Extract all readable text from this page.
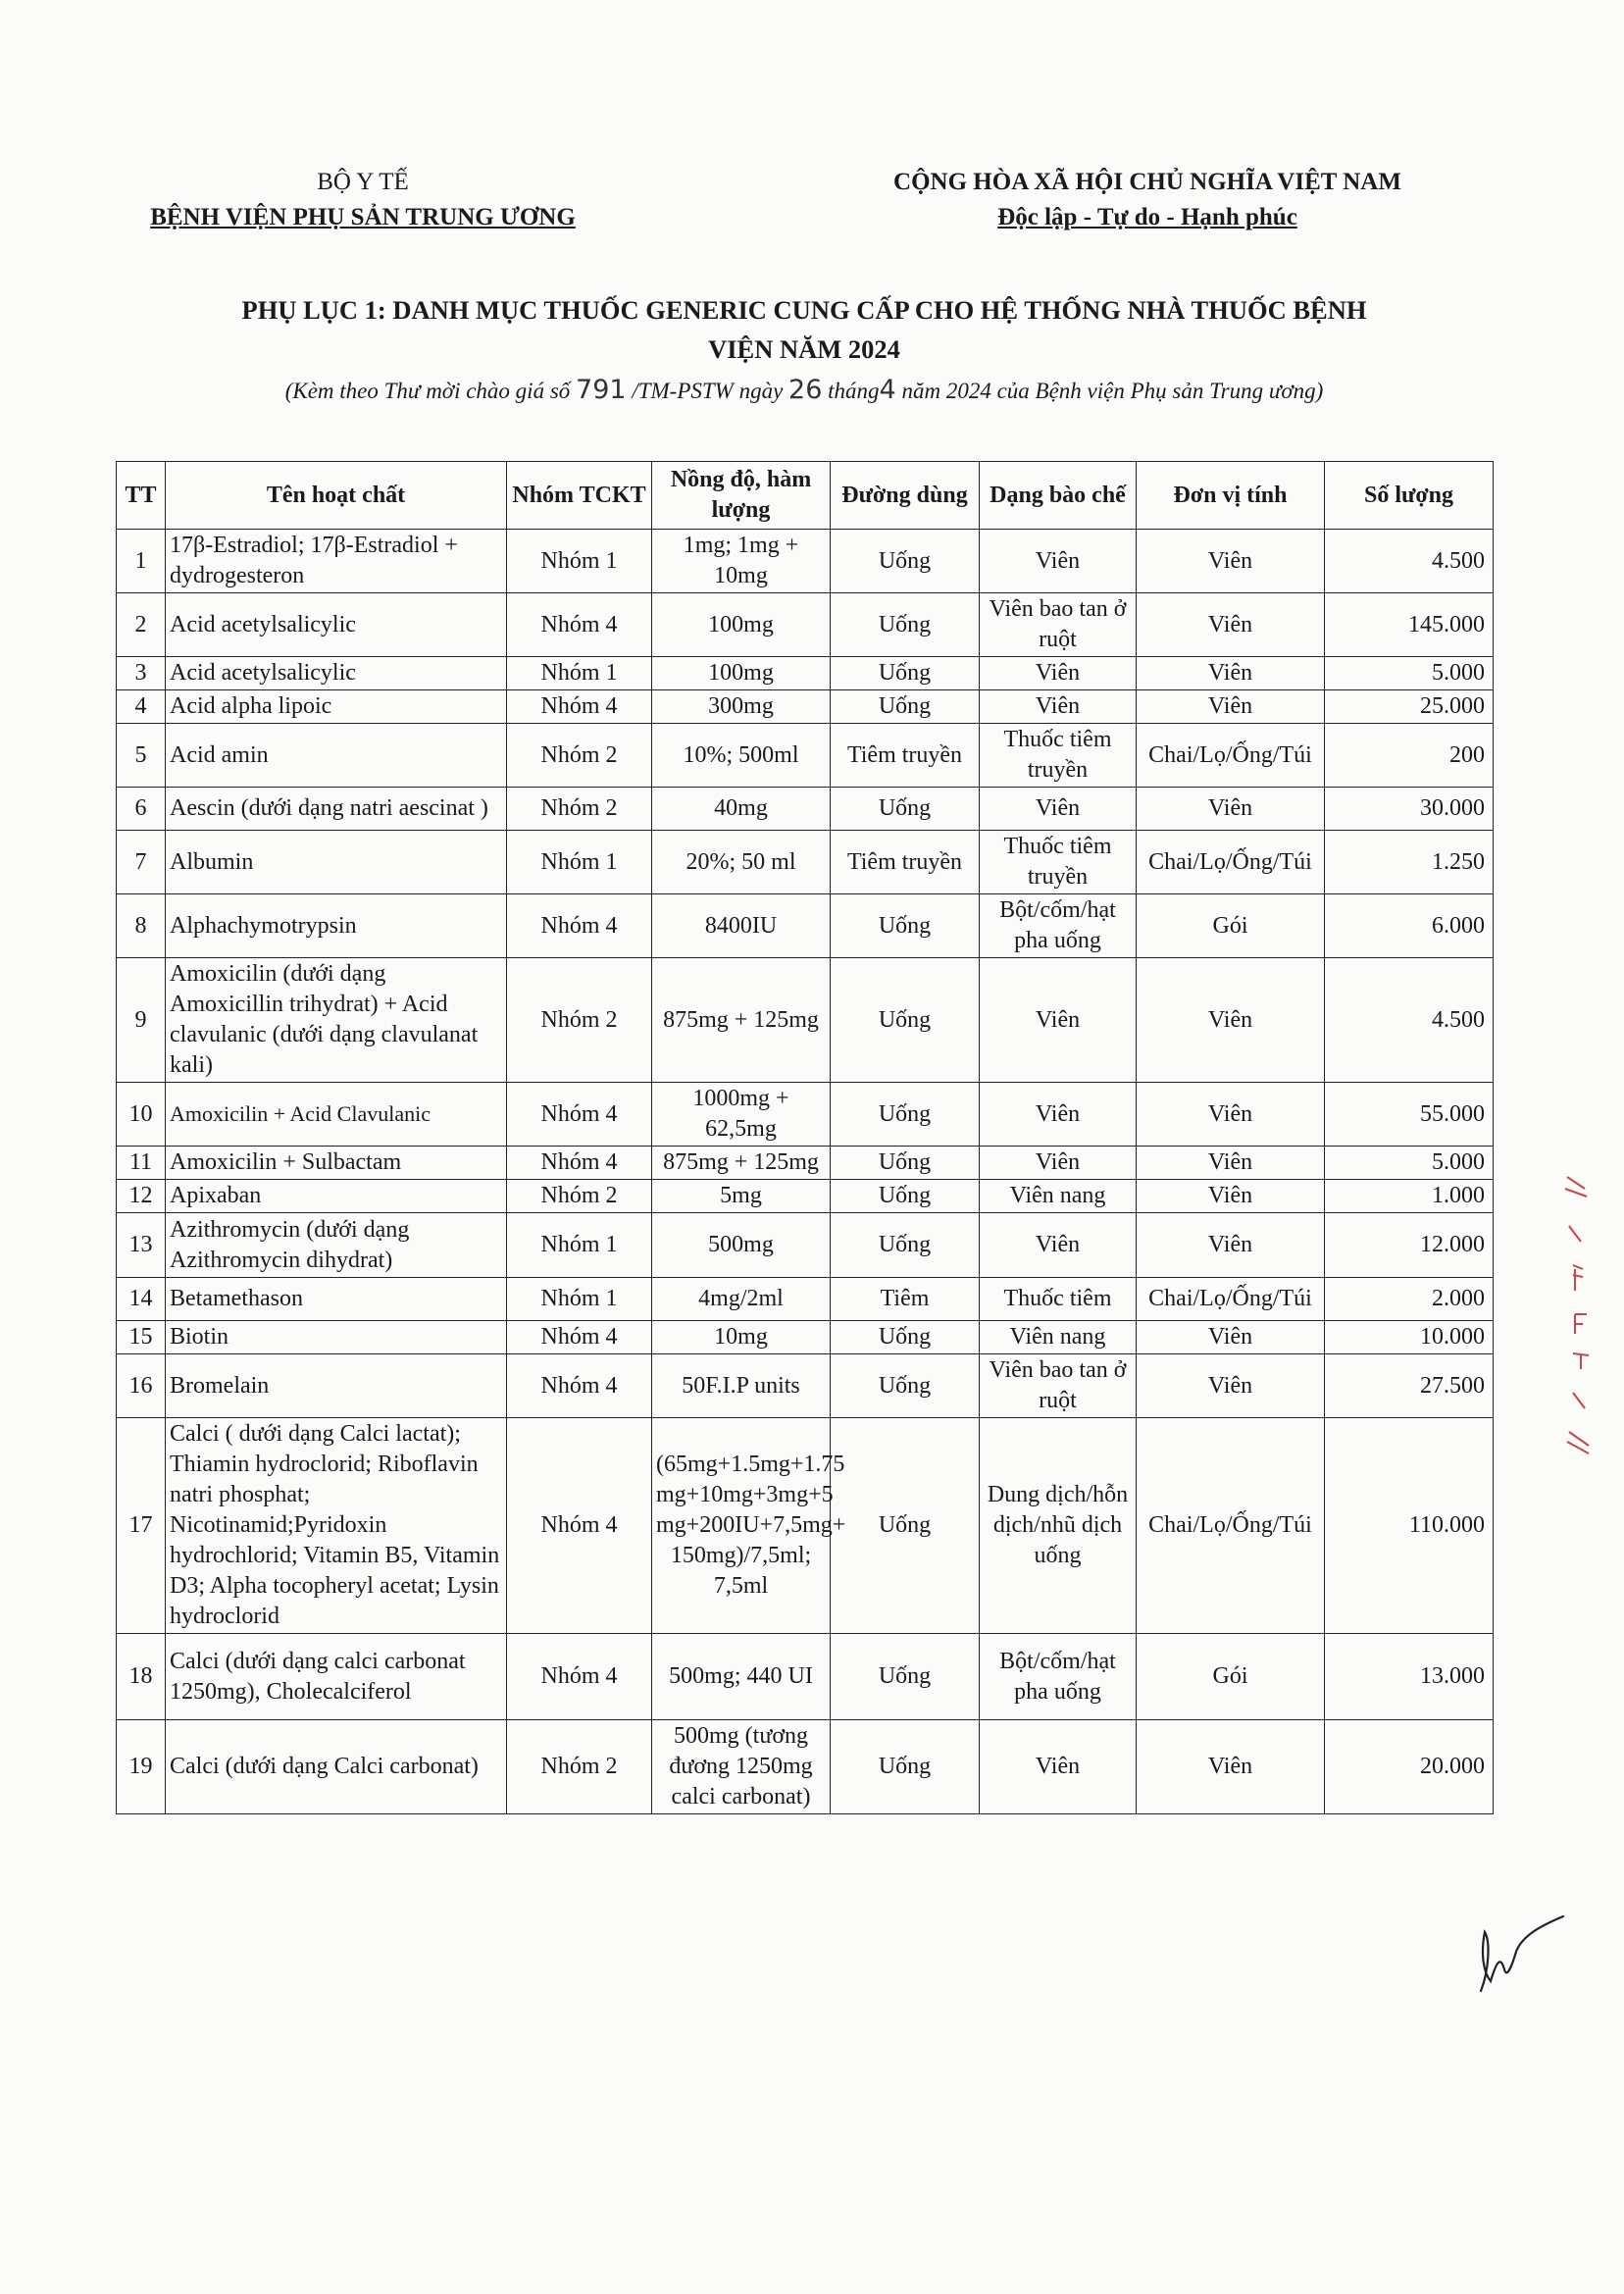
BỘ Y TẾ
BỆNH VIỆN PHỤ SẢN TRUNG ƯƠNG
CỘNG HÒA XÃ HỘI CHỦ NGHĨA VIỆT NAM
Độc lập - Tự do - Hạnh phúc
PHỤ LỤC 1: DANH MỤC THUỐC GENERIC CUNG CẤP CHO HỆ THỐNG NHÀ THUỐC BỆNH
VIỆN NĂM 2024
(Kèm theo Thư mời chào giá số 791 /TM-PSTW ngày 26 tháng4 năm 2024 của Bệnh viện Phụ sản Trung ương)
TT	Tên hoạt chất	Nhóm TCKT	Nồng độ, hàm lượng	Đường dùng	Dạng bào chế	Đơn vị tính	Số lượng
1	17β-Estradiol; 17β-Estradiol + dydrogesteron	Nhóm 1	1mg; 1mg + 10mg	Uống	Viên	Viên	4.500
2	Acid acetylsalicylic	Nhóm 4	100mg	Uống	Viên bao tan ở ruột	Viên	145.000
3	Acid acetylsalicylic	Nhóm 1	100mg	Uống	Viên	Viên	5.000
4	Acid alpha lipoic	Nhóm 4	300mg	Uống	Viên	Viên	25.000
5	Acid amin	Nhóm 2	10%; 500ml	Tiêm truyền	Thuốc tiêm truyền	Chai/Lọ/Ống/Túi	200
6	Aescin (dưới dạng natri aescinat )	Nhóm 2	40mg	Uống	Viên	Viên	30.000
7	Albumin	Nhóm 1	20%; 50 ml	Tiêm truyền	Thuốc tiêm truyền	Chai/Lọ/Ống/Túi	1.250
8	Alphachymotrypsin	Nhóm 4	8400IU	Uống	Bột/cốm/hạt pha uống	Gói	6.000
9	Amoxicilin (dưới dạng Amoxicillin trihydrat) + Acid clavulanic (dưới dạng clavulanat kali)	Nhóm 2	875mg + 125mg	Uống	Viên	Viên	4.500
10	Amoxicilin + Acid Clavulanic	Nhóm 4	1000mg + 62,5mg	Uống	Viên	Viên	55.000
11	Amoxicilin + Sulbactam	Nhóm 4	875mg + 125mg	Uống	Viên	Viên	5.000
12	Apixaban	Nhóm 2	5mg	Uống	Viên nang	Viên	1.000
13	Azithromycin (dưới dạng Azithromycin dihydrat)	Nhóm 1	500mg	Uống	Viên	Viên	12.000
14	Betamethason	Nhóm 1	4mg/2ml	Tiêm	Thuốc tiêm	Chai/Lọ/Ống/Túi	2.000
15	Biotin	Nhóm 4	10mg	Uống	Viên nang	Viên	10.000
16	Bromelain	Nhóm 4	50F.I.P units	Uống	Viên bao tan ở ruột	Viên	27.500
17	Calci ( dưới dạng Calci lactat); Thiamin hydroclorid; Riboflavin natri phosphat; Nicotinamid;Pyridoxin hydrochlorid; Vitamin B5, Vitamin D3; Alpha tocopheryl acetat; Lysin hydroclorid	Nhóm 4	(65mg+1.5mg+1.75 mg+10mg+3mg+5 mg+200IU+7,5mg+ 150mg)/7,5ml; 7,5ml	Uống	Dung dịch/hỗn dịch/nhũ dịch uống	Chai/Lọ/Ống/Túi	110.000
18	Calci (dưới dạng calci carbonat 1250mg), Cholecalciferol	Nhóm 4	500mg; 440 UI	Uống	Bột/cốm/hạt pha uống	Gói	13.000
19	Calci (dưới dạng Calci carbonat)	Nhóm 2	500mg (tương đương 1250mg calci carbonat)	Uống	Viên	Viên	20.000
